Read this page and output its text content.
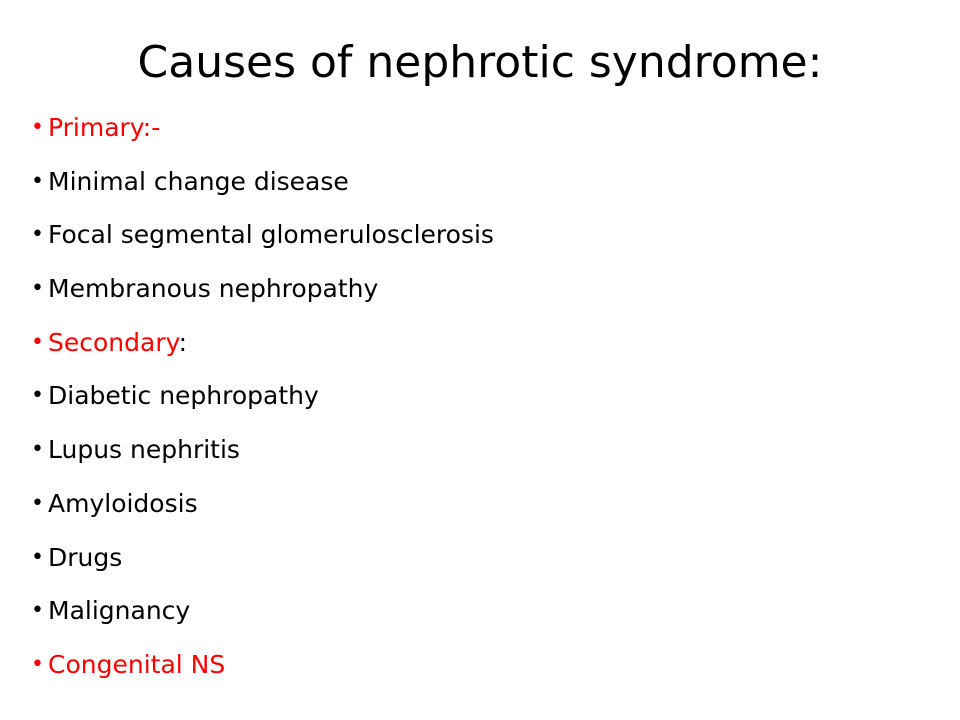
Causes of nephrotic syndrome:
• Primary:-
• Minimal change disease
• Focal segmental glomerulosclerosis
• Membranous nephropathy
• Secondary:
• Diabetic nephropathy
• Lupus nephritis
• Amyloidosis
• Drugs
• Malignancy
• Congenital NS
